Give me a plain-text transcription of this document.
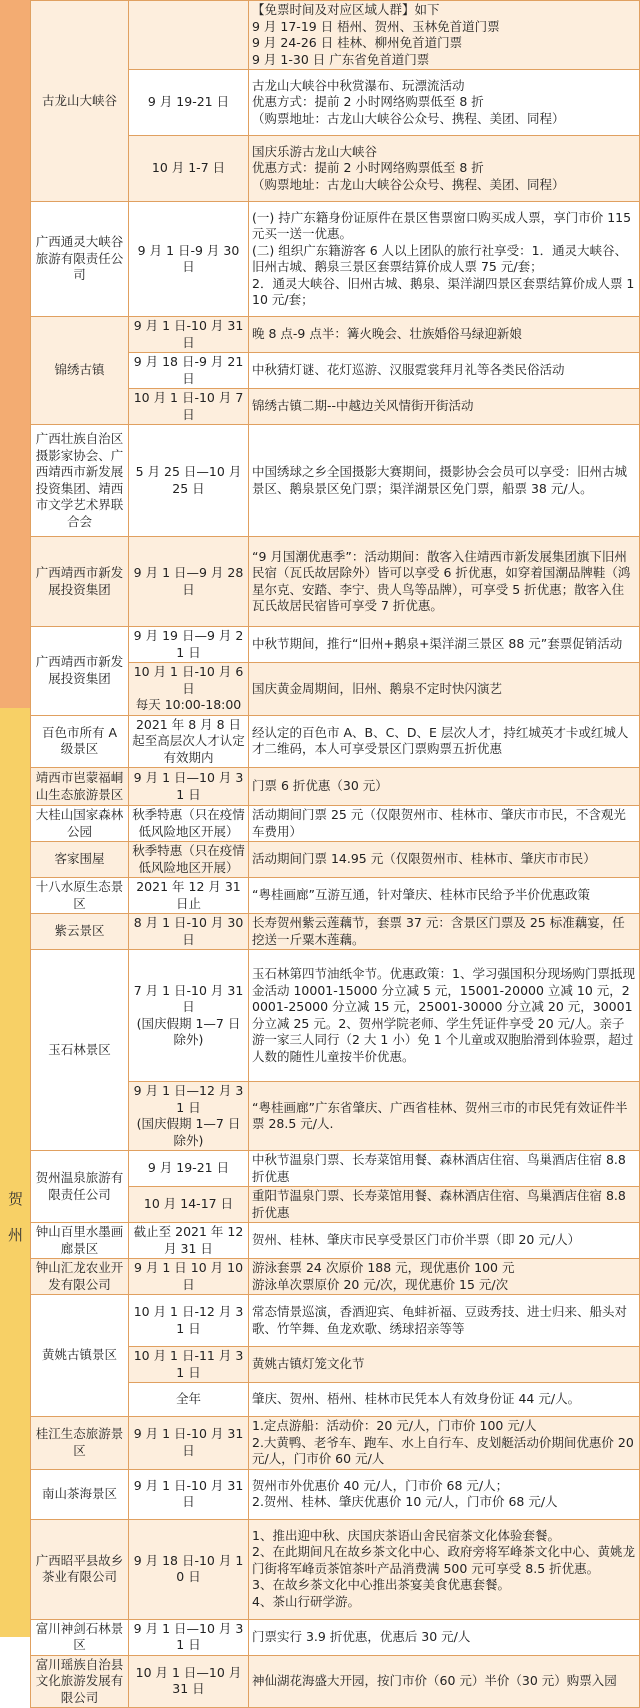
贺 州
古龙山大峡谷		【免票时间及对应区域人群】如下
9 月 17-19 日 梧州、贺州、玉林免首道门票
9 月 24-26 日 桂林、柳州免首道门票
9 月 1-30 日 广东省免首道门票

	9 月 19-21 日	古龙山大峡谷中秋赏瀑布、玩漂流活动
优惠方式：提前 2 小时网络购票低至 8 折
（购票地址：古龙山大峡谷公众号、携程、美团、同程）

	10 月 1-7 日	国庆乐游古龙山大峡谷
优惠方式：提前 2 小时网络购票低至 8 折
（购票地址：古龙山大峡谷公众号、携程、美团、同程）

广西通灵大峡谷旅游有限责任公司	9 月 1 日-9 月 30 日	(一) 持广东籍身份证原件在景区售票窗口购买成人票，享门市价 115 元买一送一优惠。
(二) 组织广东籍游客 6 人以上团队的旅行社享受：1．通灵大峡谷、旧州古城、鹅泉三景区套票结算价成人票 75 元/套；
2．通灵大峡谷、旧州古城、鹅泉、渠洋湖四景区套票结算价成人票 110 元/套；

锦绣古镇	9 月 1 日-10 月 31 日	晚 8 点-9 点半：篝火晚会、壮族婚俗马绿迎新娘

	9 月 18 日-9 月 21 日	中秋猜灯谜、花灯巡游、汉服霓裳拜月礼等各类民俗活动

	10 月 1 日-10 月 7 日	锦绣古镇二期--中越边关风情街开街活动

广西壮族自治区摄影家协会、广西靖西市新发展投资集团、靖西市文学艺术界联合会	5 月 25 日—10 月 25 日	中国绣球之乡全国摄影大赛期间，摄影协会会员可以享受：旧州古城景区、鹅泉景区免门票；渠洋湖景区免门票，船票 38 元/人。

广西靖西市新发展投资集团	9 月 1 日—9 月 28 日	“9 月国潮优惠季”：活动期间：散客入住靖西市新发展集团旗下旧州民宿（瓦氏故居除外）皆可以享受 6 折优惠，如穿着国潮品牌鞋（鸿星尔克、安踏、李宁、贵人鸟等品牌），可享受 5 折优惠；散客入住瓦氏故居民宿皆可享受 7 折优惠。

广西靖西市新发展投资集团	9 月 19 日—9 月 21 日	中秋节期间，推行“旧州+鹅泉+渠洋湖三景区 88 元”套票促销活动

	10 月 1 日-10 月 6 日
每天 10:00-18:00	国庆黄金周期间，旧州、鹅泉不定时快闪演艺

百色市所有 A 级景区	2021 年 8 月 8 日起至高层次人才认定有效期内	经认定的百色市 A、B、C、D、E 层次人才，持红城英才卡或红城人才二维码，本人可享受景区门票购票五折优惠

靖西市岜蒙福峒山生态旅游景区	9 月 1 日—10 月 31 日	门票 6 折优惠（30 元）

大桂山国家森林公园	秋季特惠（只在疫情低风险地区开展）	活动期间门票 25 元（仅限贺州市、桂林市、肇庆市市民，不含观光车费用）

客家围屋	秋季特惠（只在疫情低风险地区开展）	活动期间门票 14.95 元（仅限贺州市、桂林市、肇庆市市民）

十八水原生态景区	2021 年 12 月 31 日止	“粤桂画廊”互游互通，针对肇庆、桂林市民给予半价优惠政策

紫云景区	8 月 1 日-10 月 30 日	长寿贺州紫云莲藕节，套票 37 元：含景区门票及 25 标准藕宴，任挖送一斤粟木莲藕。

玉石林景区	7 月 1 日-10 月 31 日
(国庆假期 1—7 日除外)	玉石林第四节油纸伞节。优惠政策：1、学习强国积分现场购门票抵现金活动 10001-15000 分立减 5 元，15001-20000 立减 10 元，20001-25000 分立减 15 元，25001-30000 分立减 20 元，30001 分立减 25 元。2、贺州学院老师、学生凭证件享受 20 元/人。亲子游一家三人同行（2 大 1 小）免 1 个儿童或双胞胎滑到体验票，超过人数的随性儿童按半价优惠。

	9 月 1 日—12 月 31 日
(国庆假期 1—7 日除外)	“粤桂画廊”广东省肇庆、广西省桂林、贺州三市的市民凭有效证件半票 28.5 元/人.

贺州温泉旅游有限责任公司	9 月 19-21 日	中秋节温泉门票、长寿菜馆用餐、森林酒店住宿、鸟巢酒店住宿 8.8 折优惠

	10 月 14-17 日	重阳节温泉门票、长寿菜馆用餐、森林酒店住宿、鸟巢酒店住宿 8.8 折优惠

钟山百里水墨画廊景区	截止至 2021 年 12 月 31 日	贺州、桂林、肇庆市民享受景区门市价半票（即 20 元/人）

钟山汇龙农业开发有限公司	9 月 1 日 10 月 10 日	游泳套票 24 次原价 188 元，现优惠价 100 元
游泳单次票原价 20 元/次，现优惠价 15 元/次

黄姚古镇景区	10 月 1 日-12 月 31 日	常态情景巡演，香酒迎宾、龟蚌祈福、豆豉秀技、进士归来、船头对歌、竹竿舞、鱼龙欢歌、绣球招亲等等

	10 月 1 日-11 月 31 日	黄姚古镇灯笼文化节

	全年	肇庆、贺州、梧州、桂林市民凭本人有效身份证 44 元/人。

桂江生态旅游景区	9 月 1 日-10 月 31 日	1.定点游船：活动价：20 元/人，门市价 100 元/人
2.大黄鸭、老爷车、跑车、水上自行车、皮划艇活动价期间优惠价 20 元/人，门市价 60 元/人

南山茶海景区	9 月 1 日-10 月 31 日	贺州市外优惠价 40 元/人，门市价 68 元/人；
2.贺州、桂林、肇庆优惠价 10 元/人，门市价 68 元/人

广西昭平县故乡茶业有限公司	9 月 18 日-10 月 10 日	1、推出迎中秋、庆国庆茶语山舍民宿茶文化体验套餐。
2、在此期间凡在故乡茶文化中心、政府旁将军峰茶文化中心、黄姚龙门街将军峰贡茶馆茶叶产品消费满 500 元可享受 8.5 折优惠。
3、在故乡茶文化中心推出茶宴美食优惠套餐。
4、茶山行研学游。

富川神剑石林景区	9 月 1 日—10 月 31 日	门票实行 3.9 折优惠，优惠后 30 元/人

富川瑶族自治县文化旅游发展有限公司	10 月 1 日—10 月 31 日	神仙湖花海盛大开园，按门市价（60 元）半价（30 元）购票入园
